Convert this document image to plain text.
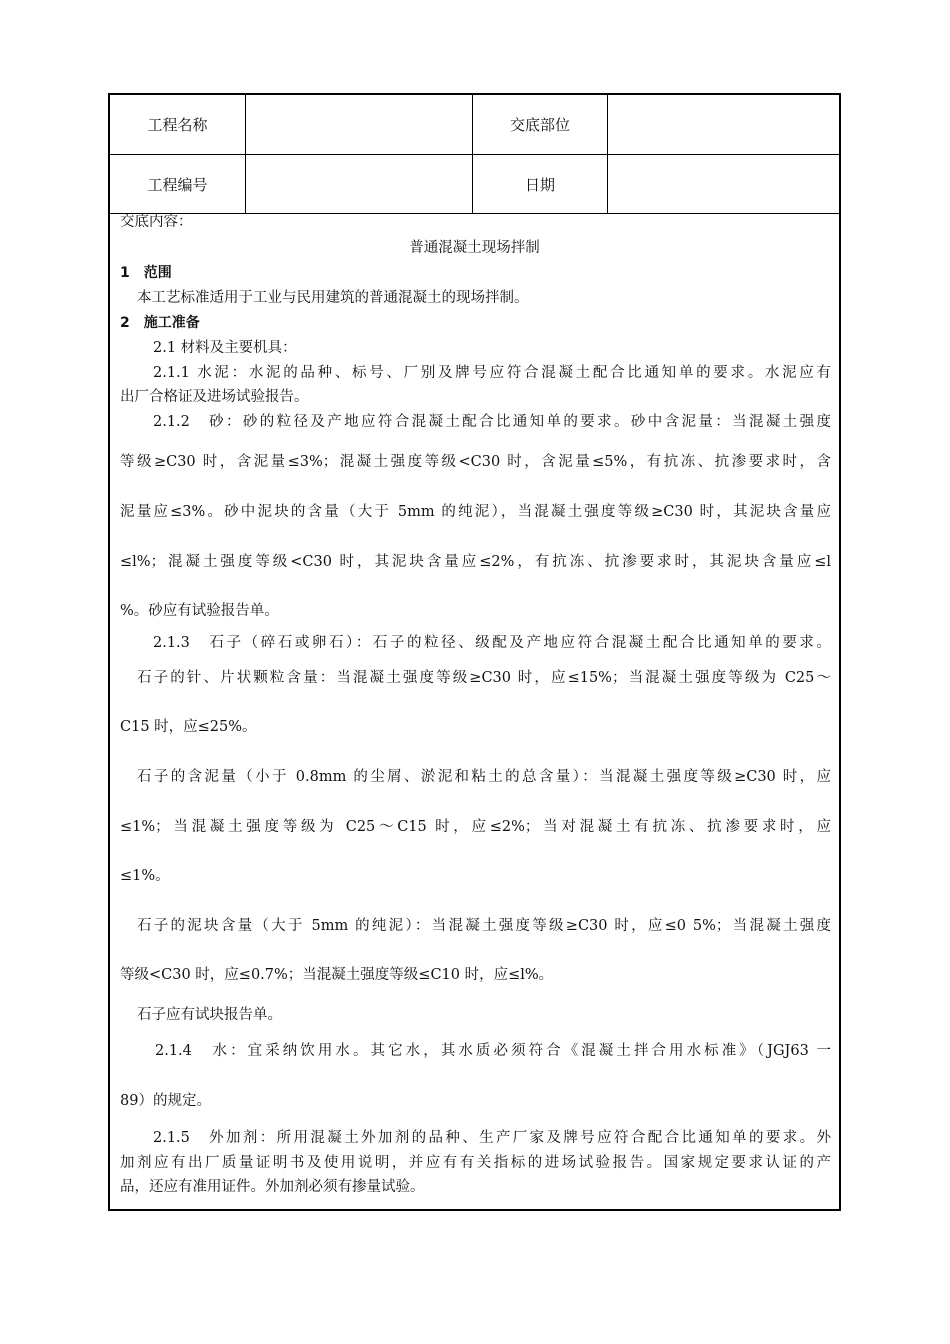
工程名称	交底部位
工程编号	日期
交底内容：
普通混凝土现场拌制
1　范围
本工艺标准适用于工业与民用建筑的普通混凝土的现场拌制。
2　施工准备
2.1 材料及主要机具：
2.1.1 水泥：水泥的品种、标号、厂别及牌号应符合混凝土配合比通知单的要求。水泥应有
出厂合格证及进场试验报告。
2.1.2　砂：砂的粒径及产地应符合混凝土配合比通知单的要求。砂中含泥量：当混凝土强度
等级≥C30 时，含泥量≤3%；混凝土强度等级<C30 时，含泥量≤5%，有抗冻、抗渗要求时，含
泥量应≤3%。砂中泥块的含量（大于 5mm 的纯泥），当混凝土强度等级≥C30 时，其泥块含量应
≤l%；混凝土强度等级<C30 时，其泥块含量应≤2%，有抗冻、抗渗要求时，其泥块含量应≤l
%。砂应有试验报告单。
2.1.3　石子（碎石或卵石）：石子的粒径、级配及产地应符合混凝土配合比通知单的要求。
石子的针、片状颗粒含量：当混凝土强度等级≥C30 时，应≤15%；当混凝土强度等级为 C25～
C15 时，应≤25%。
石子的含泥量（小于 0.8mm 的尘屑、淤泥和粘土的总含量）：当混凝土强度等级≥C30 时，应
≤1%；当混凝土强度等级为 C25～C15 时，应≤2%；当对混凝土有抗冻、抗渗要求时，应
≤1%。
石子的泥块含量（大于 5mm 的纯泥）：当混凝土强度等级≥C30 时，应≤0 5%；当混凝土强度
等级<C30 时，应≤0.7%；当混凝土强度等级≤C10 时，应≤l%。
石子应有试块报告单。
2.1.4　水：宜采纳饮用水。其它水，其水质必须符合《混凝土拌合用水标准》（JGJ63 一
89）的规定。
2.1.5　外加剂：所用混凝土外加剂的品种、生产厂家及牌号应符合配合比通知单的要求。外
加剂应有出厂质量证明书及使用说明，并应有有关指标的进场试验报告。国家规定要求认证的产
品，还应有准用证件。外加剂必须有掺量试验。
